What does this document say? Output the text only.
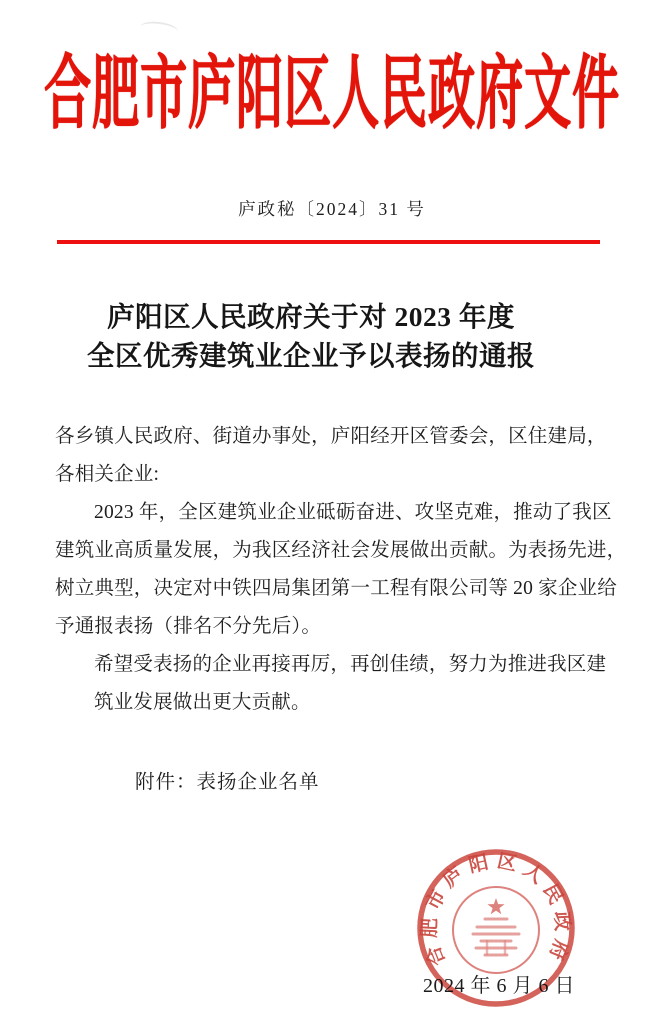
合肥市庐阳区人民政府文件
庐政秘〔2024〕31 号
庐阳区人民政府关于对 2023 年度
全区优秀建筑业企业予以表扬的通报
各乡镇人民政府、街道办事处，庐阳经开区管委会，区住建局，
各相关企业:
2023 年，全区建筑业企业砥砺奋进、攻坚克难，推动了我区
建筑业高质量发展，为我区经济社会发展做出贡献。为表扬先进，
树立典型，决定对中铁四局集团第一工程有限公司等 20 家企业给
予通报表扬（排名不分先后）。
希望受表扬的企业再接再厉，再创佳绩，努力为推进我区建
筑业发展做出更大贡献。
附件：表扬企业名单
2024 年 6 月 6 日
合肥市庐阳区人民政府
